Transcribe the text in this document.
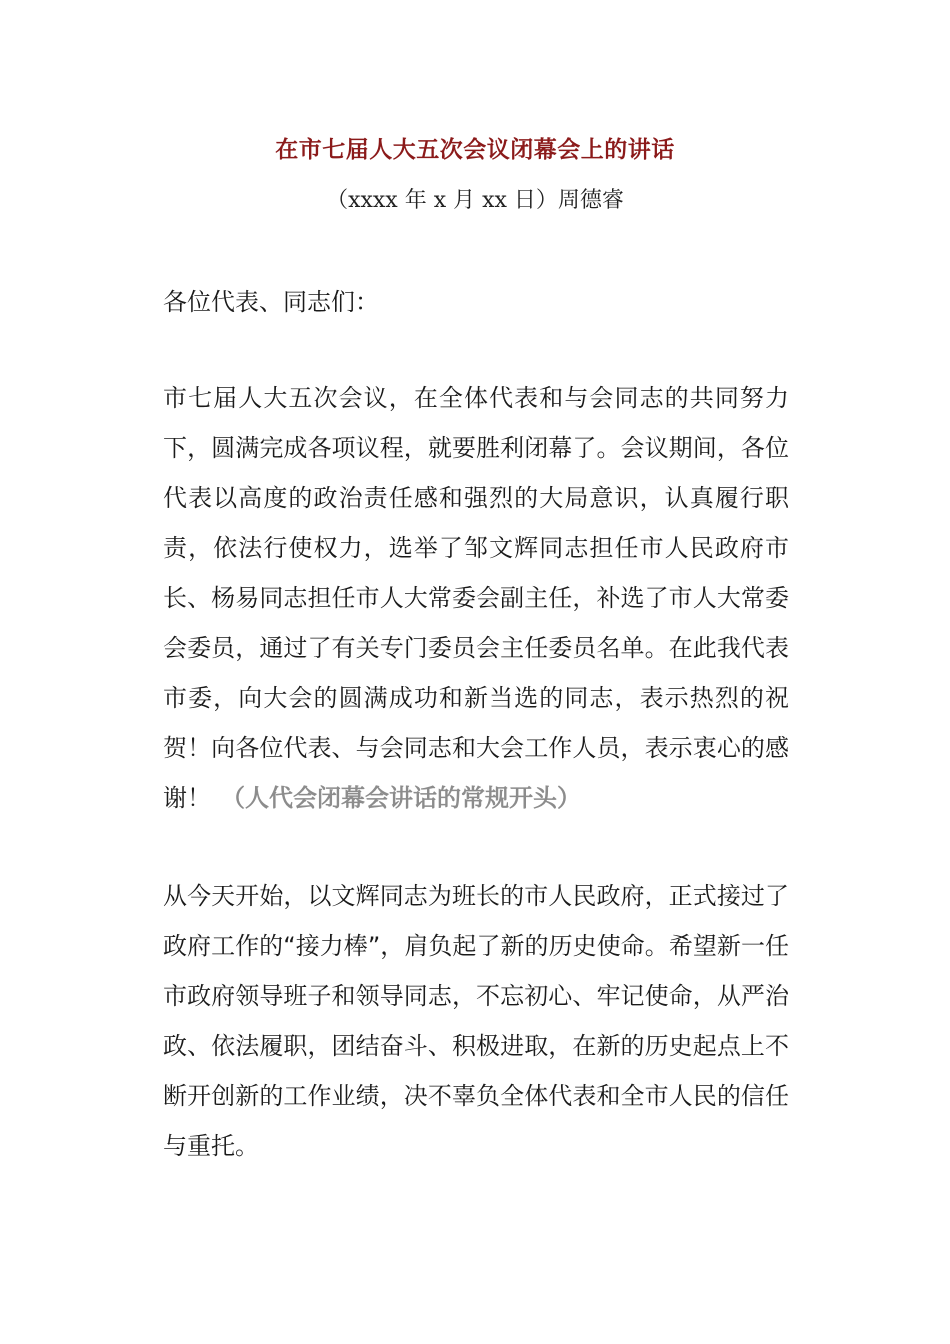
在市七届人大五次会议闭幕会上的讲话
（xxxx 年 x 月 xx 日）周德睿

各位代表、同志们：

市七届人大五次会议，在全体代表和与会同志的共同努力下，圆满完成各项议程，就要胜利闭幕了。会议期间，各位代表以高度的政治责任感和强烈的大局意识，认真履行职责，依法行使权力，选举了邹文辉同志担任市人民政府市长、杨易同志担任市人大常委会副主任，补选了市人大常委会委员，通过了有关专门委员会主任委员名单。在此我代表市委，向大会的圆满成功和新当选的同志，表示热烈的祝贺！向各位代表、与会同志和大会工作人员，表示衷心的感谢！ （人代会闭幕会讲话的常规开头）

从今天开始，以文辉同志为班长的市人民政府，正式接过了政府工作的“接力棒”，肩负起了新的历史使命。希望新一任市政府领导班子和领导同志，不忘初心、牢记使命，从严治政、依法履职，团结奋斗、积极进取，在新的历史起点上不断开创新的工作业绩，决不辜负全体代表和全市人民的信任与重托。
